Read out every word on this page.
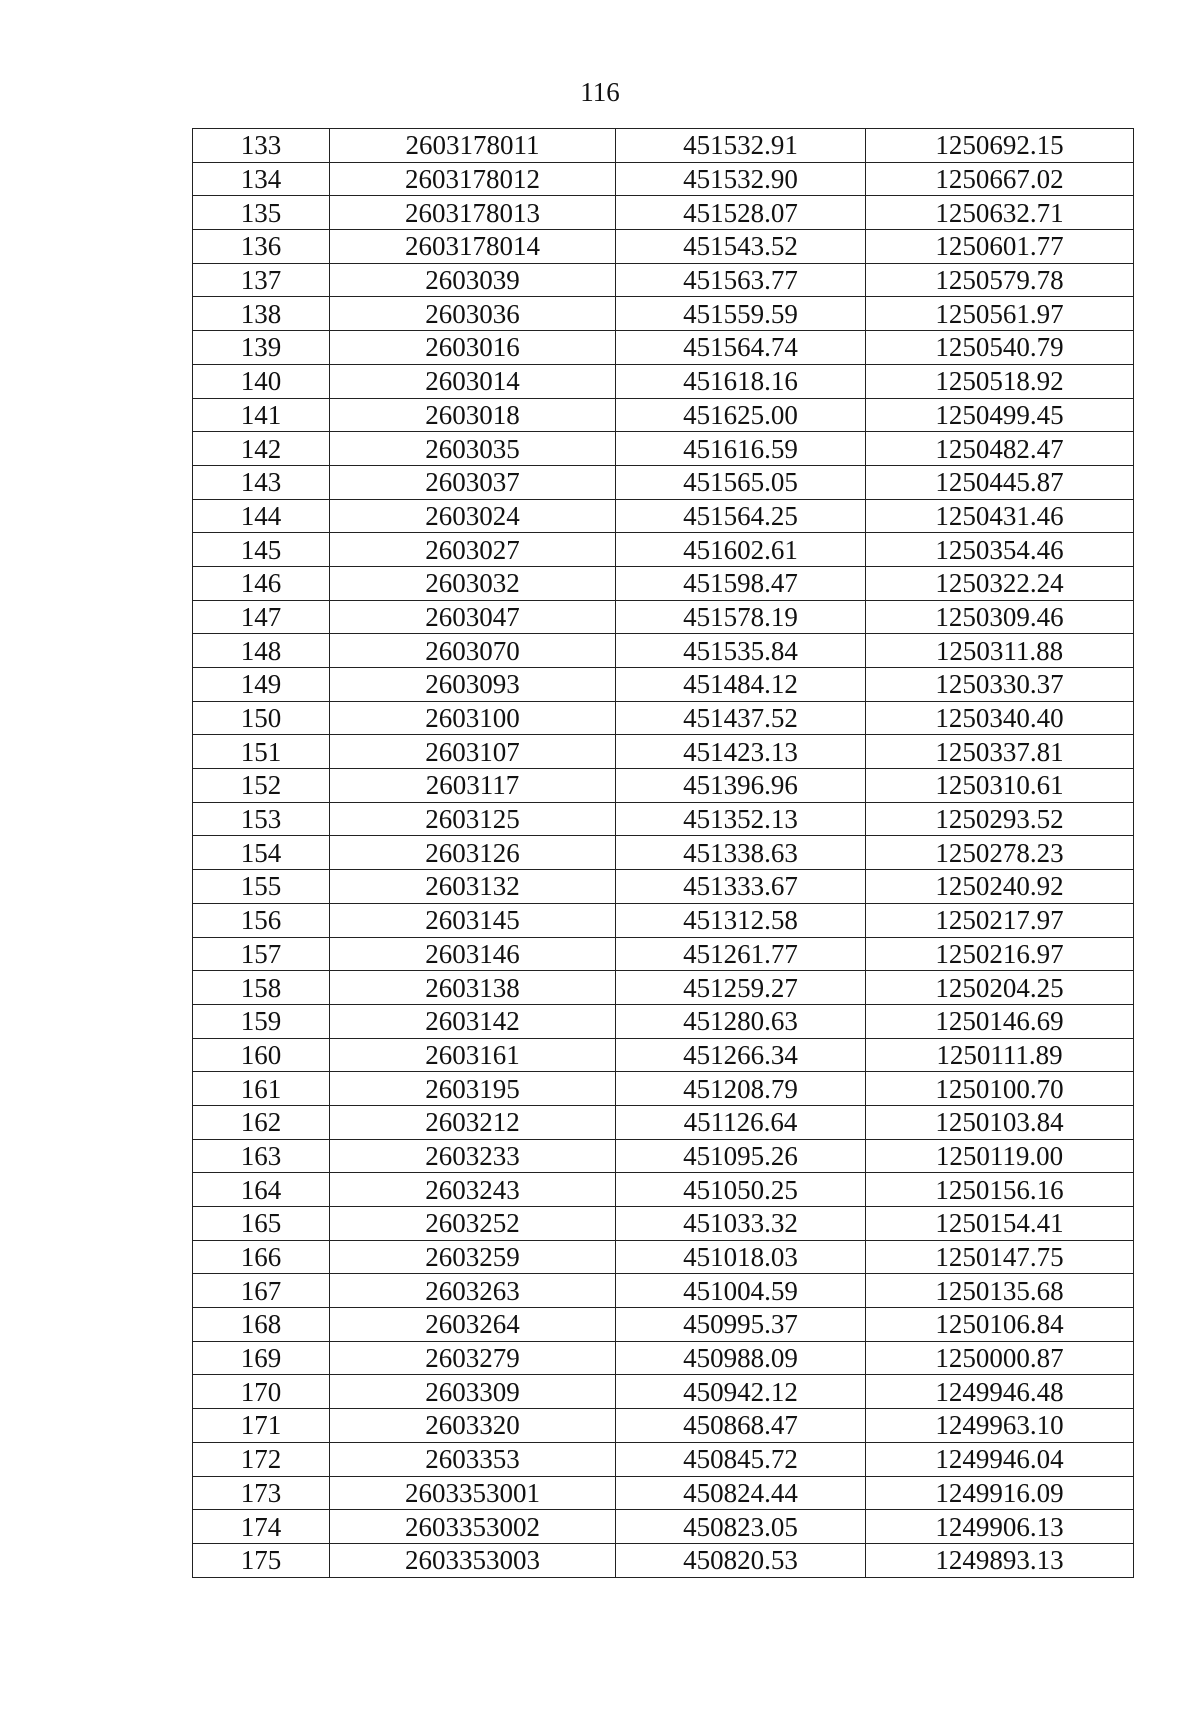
116
133	2603178011	451532.91	1250692.15
134	2603178012	451532.90	1250667.02
135	2603178013	451528.07	1250632.71
136	2603178014	451543.52	1250601.77
137	2603039	451563.77	1250579.78
138	2603036	451559.59	1250561.97
139	2603016	451564.74	1250540.79
140	2603014	451618.16	1250518.92
141	2603018	451625.00	1250499.45
142	2603035	451616.59	1250482.47
143	2603037	451565.05	1250445.87
144	2603024	451564.25	1250431.46
145	2603027	451602.61	1250354.46
146	2603032	451598.47	1250322.24
147	2603047	451578.19	1250309.46
148	2603070	451535.84	1250311.88
149	2603093	451484.12	1250330.37
150	2603100	451437.52	1250340.40
151	2603107	451423.13	1250337.81
152	2603117	451396.96	1250310.61
153	2603125	451352.13	1250293.52
154	2603126	451338.63	1250278.23
155	2603132	451333.67	1250240.92
156	2603145	451312.58	1250217.97
157	2603146	451261.77	1250216.97
158	2603138	451259.27	1250204.25
159	2603142	451280.63	1250146.69
160	2603161	451266.34	1250111.89
161	2603195	451208.79	1250100.70
162	2603212	451126.64	1250103.84
163	2603233	451095.26	1250119.00
164	2603243	451050.25	1250156.16
165	2603252	451033.32	1250154.41
166	2603259	451018.03	1250147.75
167	2603263	451004.59	1250135.68
168	2603264	450995.37	1250106.84
169	2603279	450988.09	1250000.87
170	2603309	450942.12	1249946.48
171	2603320	450868.47	1249963.10
172	2603353	450845.72	1249946.04
173	2603353001	450824.44	1249916.09
174	2603353002	450823.05	1249906.13
175	2603353003	450820.53	1249893.13
